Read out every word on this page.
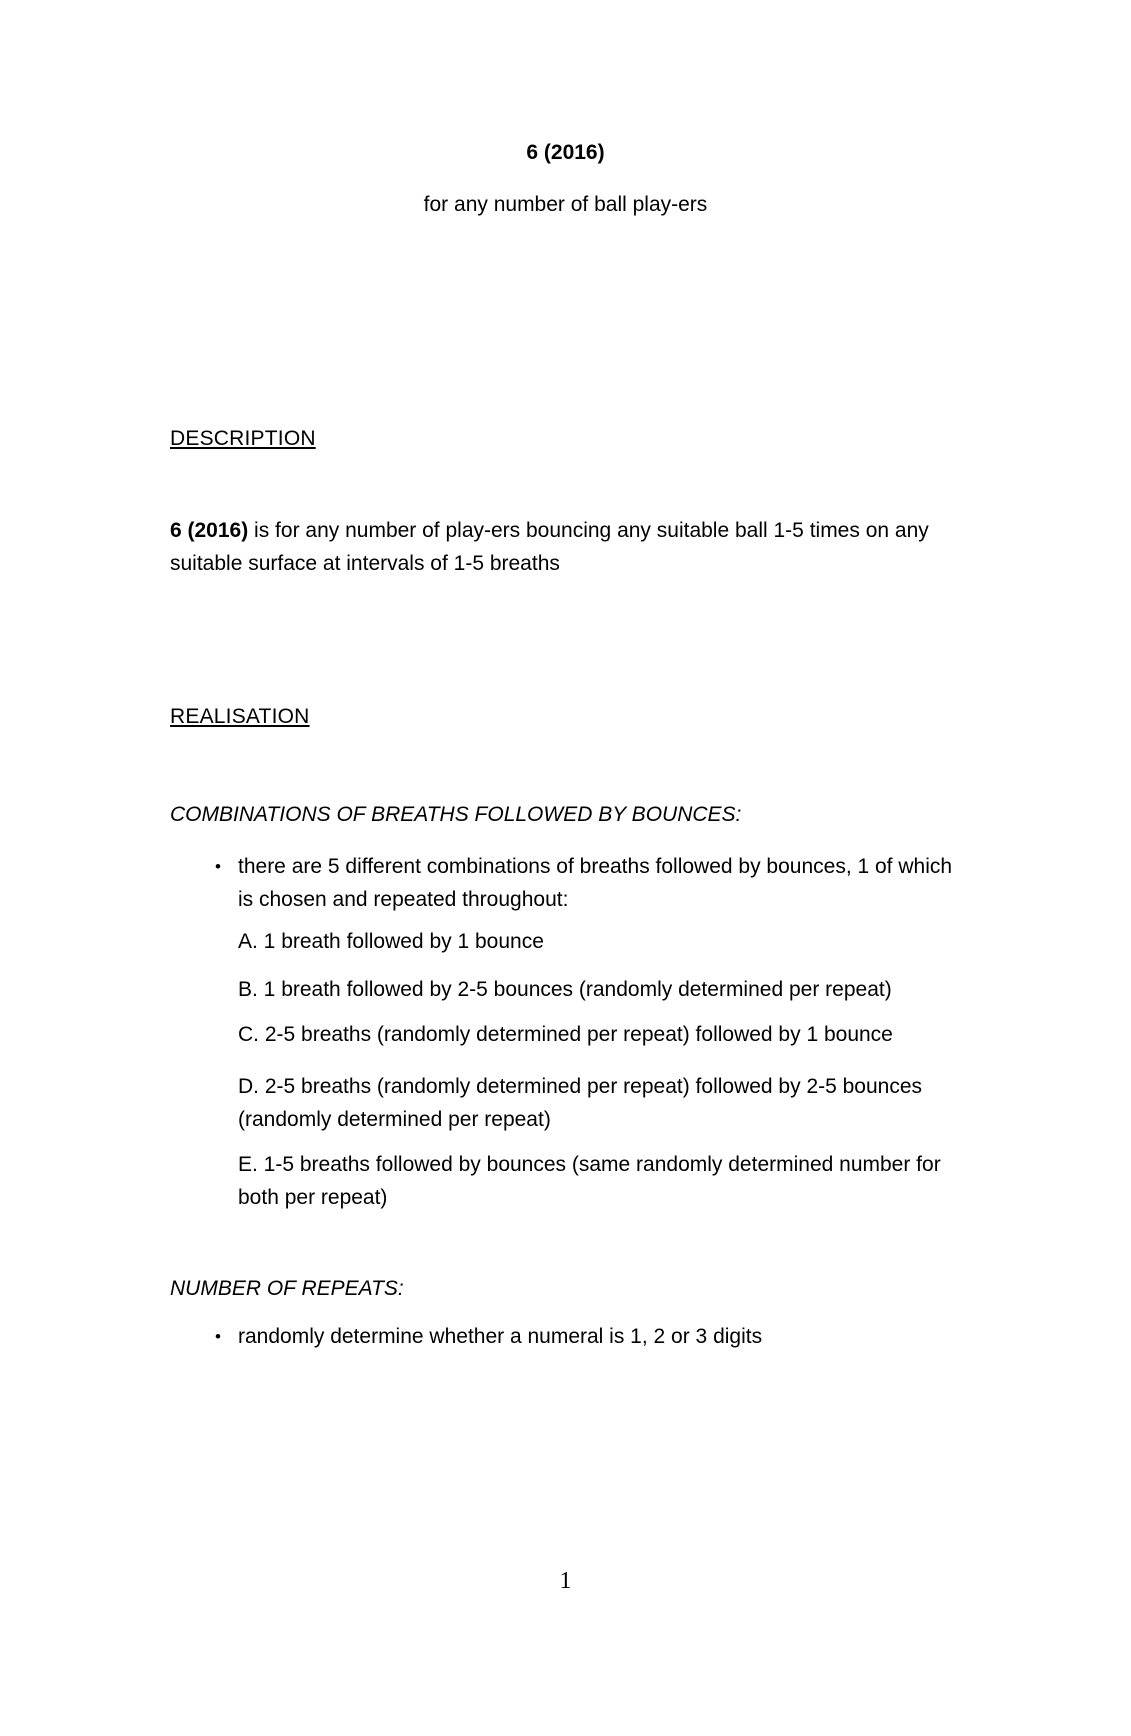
6 (2016)
for any number of ball play-ers
DESCRIPTION
6 (2016) is for any number of play-ers bouncing any suitable ball 1-5 times on any suitable surface at intervals of 1-5 breaths
REALISATION
COMBINATIONS OF BREATHS FOLLOWED BY BOUNCES:
• there are 5 different combinations of breaths followed by bounces, 1 of which is chosen and repeated throughout:
A. 1 breath followed by 1 bounce
B. 1 breath followed by 2-5 bounces (randomly determined per repeat)
C. 2-5 breaths (randomly determined per repeat) followed by 1 bounce
D. 2-5 breaths (randomly determined per repeat) followed by 2-5 bounces (randomly determined per repeat)
E. 1-5 breaths followed by bounces (same randomly determined number for both per repeat)
NUMBER OF REPEATS:
• randomly determine whether a numeral is 1, 2 or 3 digits
1
